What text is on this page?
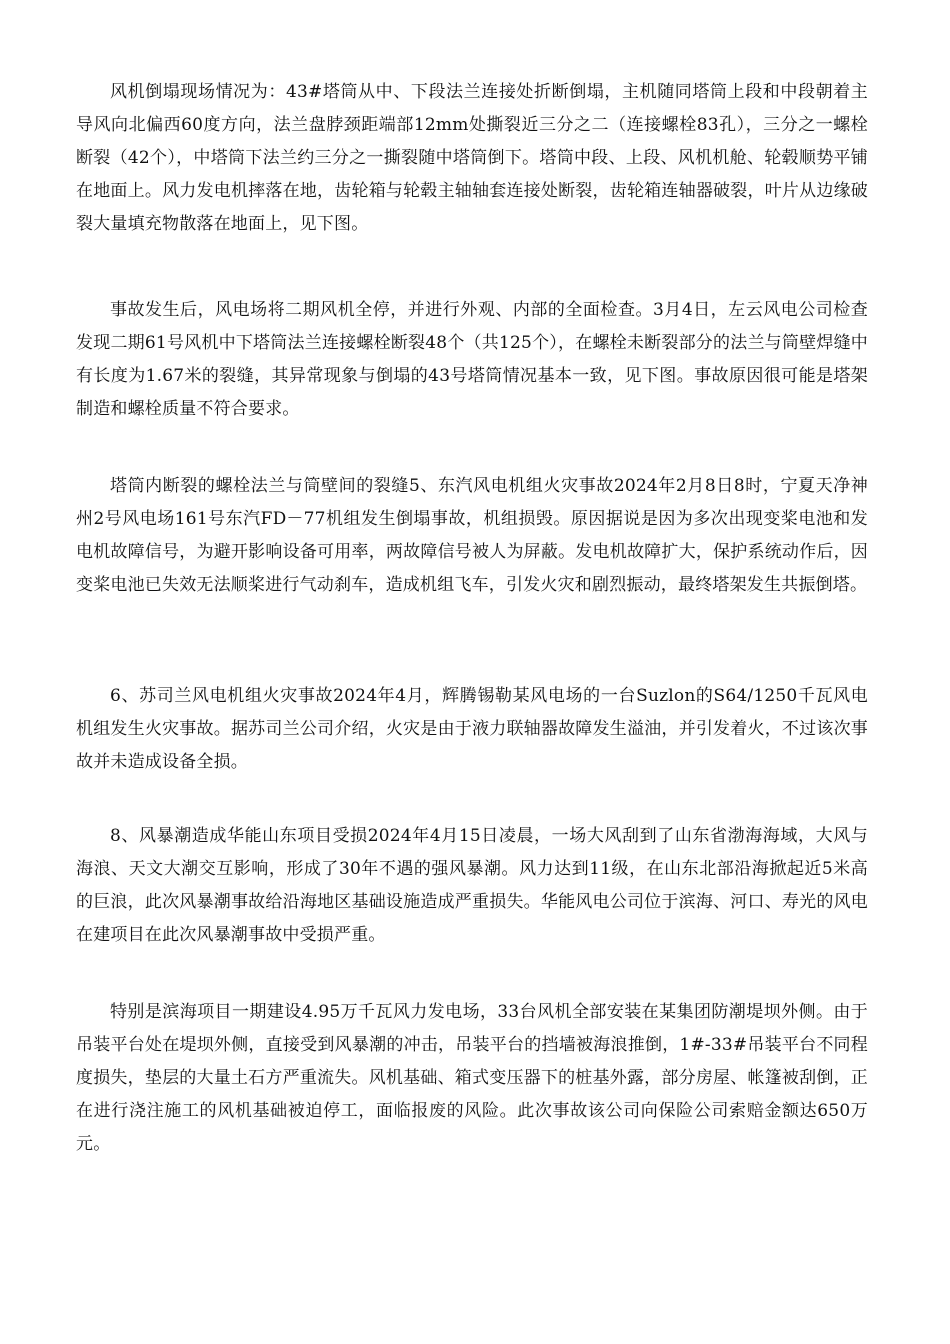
风机倒塌现场情况为：43#塔筒从中、下段法兰连接处折断倒塌，主机随同塔筒上段和中段朝着主导风向北偏西60度方向，法兰盘脖颈距端部12mm处撕裂近三分之二（连接螺栓83孔），三分之一螺栓断裂（42个），中塔筒下法兰约三分之一撕裂随中塔筒倒下。塔筒中段、上段、风机机舱、轮毂顺势平铺在地面上。风力发电机摔落在地，齿轮箱与轮毂主轴轴套连接处断裂，齿轮箱连轴器破裂，叶片从边缘破裂大量填充物散落在地面上，见下图。

事故发生后，风电场将二期风机全停，并进行外观、内部的全面检查。3月4日，左云风电公司检查发现二期61号风机中下塔筒法兰连接螺栓断裂48个（共125个），在螺栓未断裂部分的法兰与筒壁焊缝中有长度为1.67米的裂缝，其异常现象与倒塌的43号塔筒情况基本一致，见下图。事故原因很可能是塔架制造和螺栓质量不符合要求。

塔筒内断裂的螺栓法兰与筒壁间的裂缝5、东汽风电机组火灾事故2024年2月8日8时，宁夏天净神州2号风电场161号东汽FD－77机组发生倒塌事故，机组损毁。原因据说是因为多次出现变桨电池和发电机故障信号，为避开影响设备可用率，两故障信号被人为屏蔽。发电机故障扩大，保护系统动作后，因变桨电池已失效无法顺桨进行气动刹车，造成机组飞车，引发火灾和剧烈振动，最终塔架发生共振倒塔。

6、苏司兰风电机组火灾事故2024年4月，辉腾锡勒某风电场的一台Suzlon的S64/1250千瓦风电机组发生火灾事故。据苏司兰公司介绍，火灾是由于液力联轴器故障发生溢油，并引发着火，不过该次事故并未造成设备全损。

8、风暴潮造成华能山东项目受损2024年4月15日凌晨，一场大风刮到了山东省渤海海域，大风与海浪、天文大潮交互影响，形成了30年不遇的强风暴潮。风力达到11级，在山东北部沿海掀起近5米高的巨浪，此次风暴潮事故给沿海地区基础设施造成严重损失。华能风电公司位于滨海、河口、寿光的风电在建项目在此次风暴潮事故中受损严重。

特别是滨海项目一期建设4.95万千瓦风力发电场，33台风机全部安装在某集团防潮堤坝外侧。由于吊装平台处在堤坝外侧，直接受到风暴潮的冲击，吊装平台的挡墙被海浪推倒，1#-33#吊装平台不同程度损失，垫层的大量土石方严重流失。风机基础、箱式变压器下的桩基外露，部分房屋、帐篷被刮倒，正在进行浇注施工的风机基础被迫停工，面临报废的风险。此次事故该公司向保险公司索赔金额达650万元。
